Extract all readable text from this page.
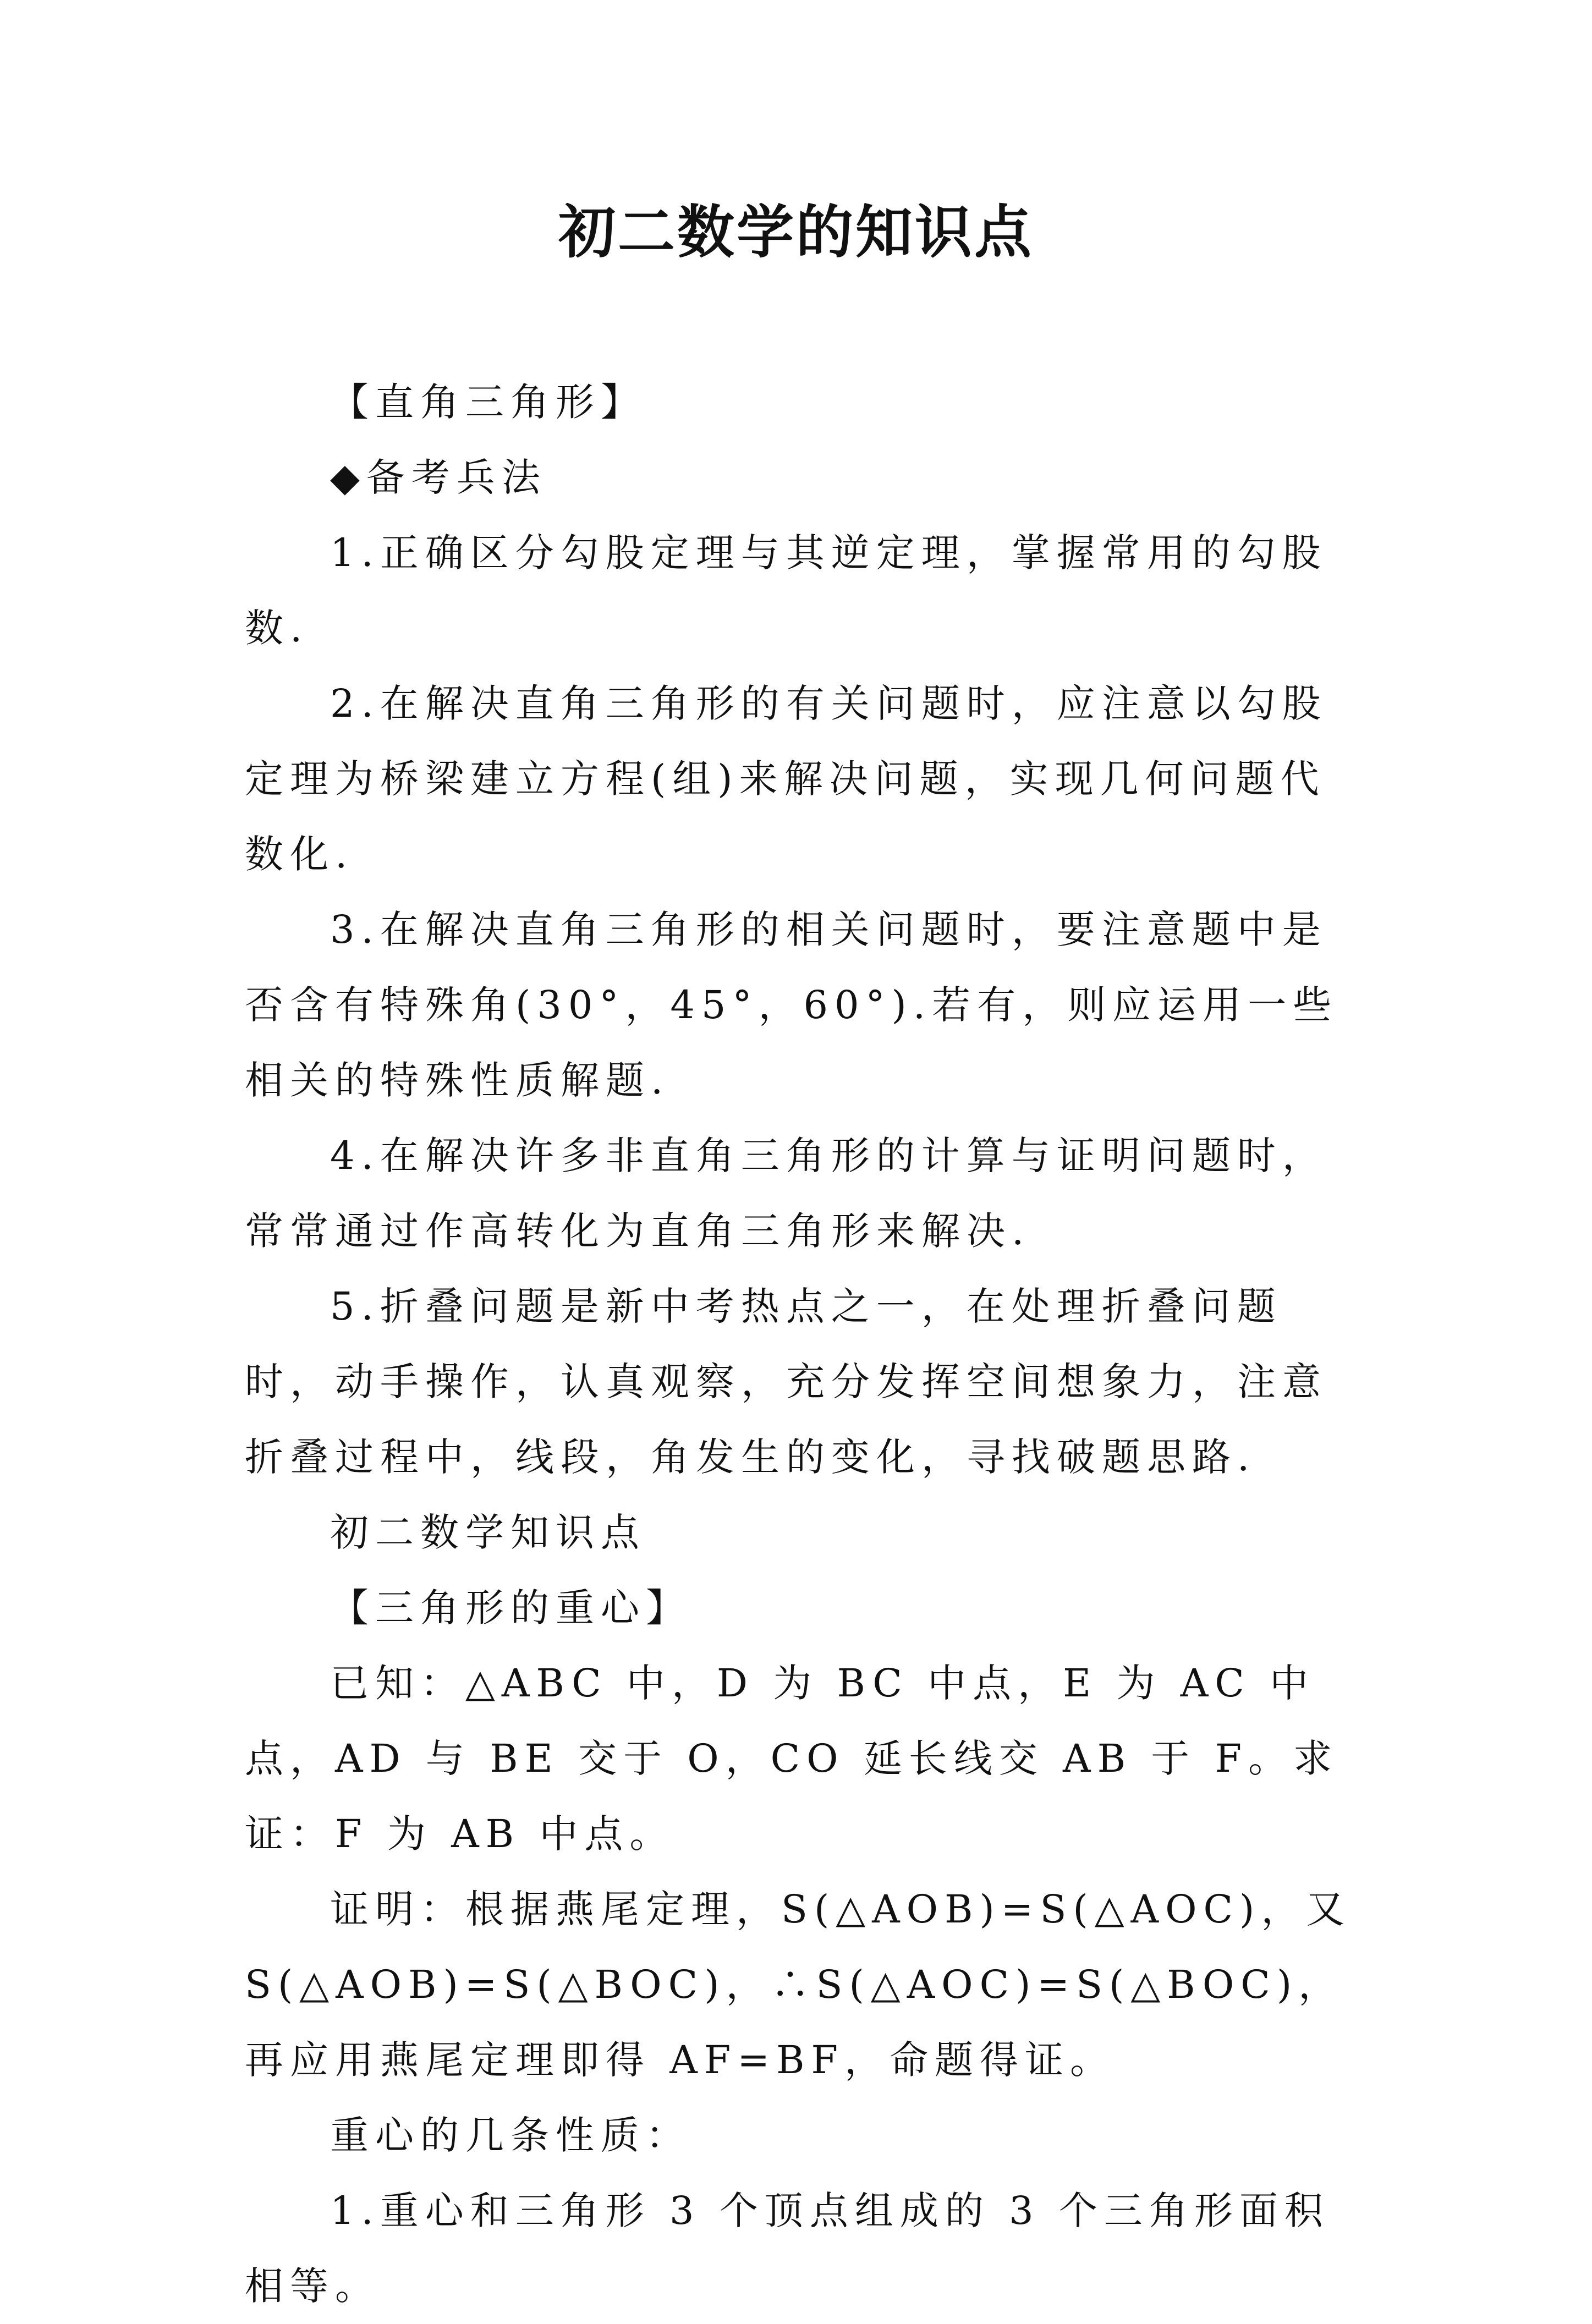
初二数学的知识点

【直角三角形】

◆备考兵法

1.正确区分勾股定理与其逆定理，掌握常用的勾股数.

2.在解决直角三角形的有关问题时，应注意以勾股定理为桥梁建立方程(组)来解决问题，实现几何问题代数化.

3.在解决直角三角形的相关问题时，要注意题中是否含有特殊角(30°，45°，60°).若有，则应运用一些相关的特殊性质解题.

4.在解决许多非直角三角形的计算与证明问题时，常常通过作高转化为直角三角形来解决.

5.折叠问题是新中考热点之一，在处理折叠问题时，动手操作，认真观察，充分发挥空间想象力，注意折叠过程中，线段，角发生的变化，寻找破题思路.

初二数学知识点

【三角形的重心】

已知：△ABC 中，D 为 BC 中点，E 为 AC 中点，AD 与 BE 交于 O，CO 延长线交 AB 于 F。求证：F 为 AB 中点。

证明：根据燕尾定理，S(△AOB)=S(△AOC)，又 S(△AOB)=S(△BOC)，∴S(△AOC)=S(△BOC)，再应用燕尾定理即得 AF=BF，命题得证。

重心的几条性质：

1.重心和三角形 3 个顶点组成的 3 个三角形面积相等。
